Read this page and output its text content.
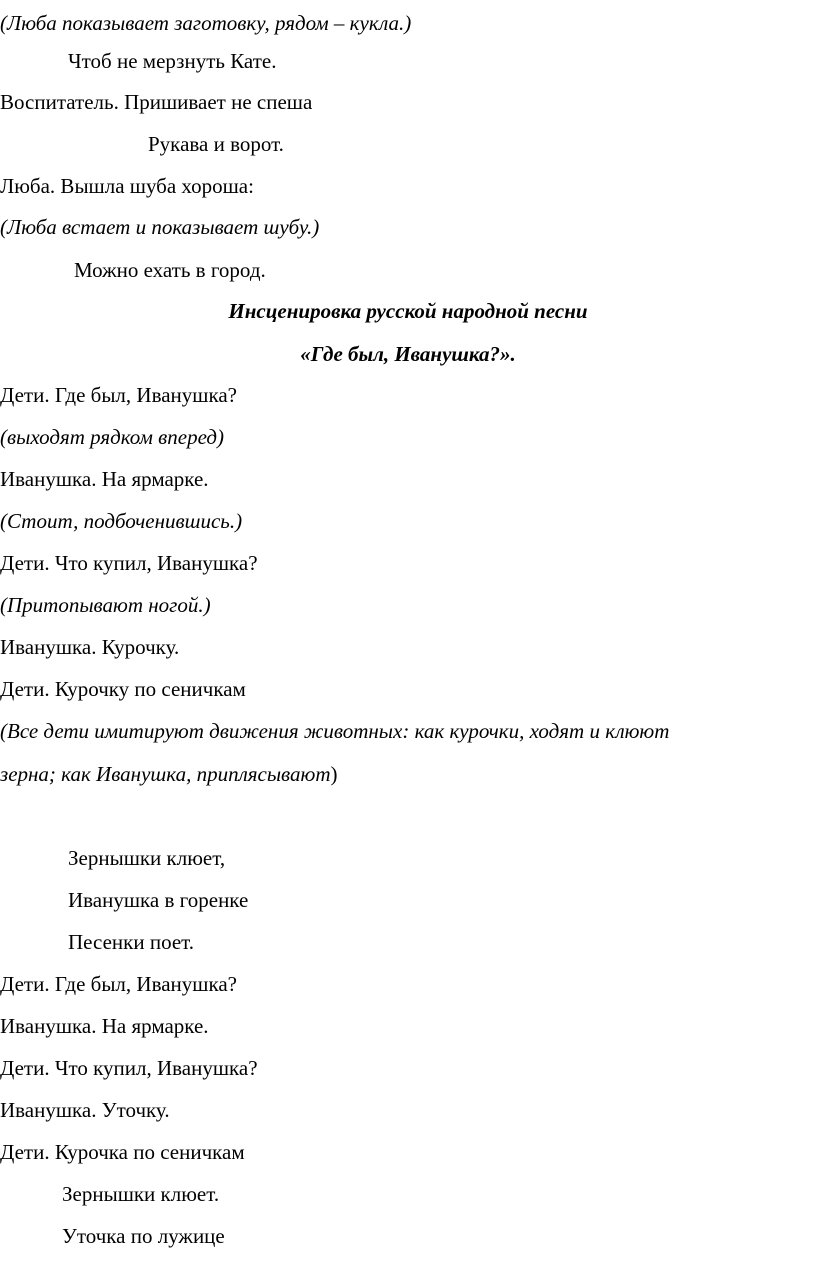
(Люба показывает заготовку, рядом – кукла.)
Чтоб не мерзнуть Кате.
Воспитатель. Пришивает не спеша
Рукава и ворот.
Люба. Вышла шуба хороша:
(Люба встает и показывает шубу.)
Можно ехать в город.
Инсценировка русской народной песни
«Где был, Иванушка?».
Дети. Где был, Иванушка?
(выходят рядком вперед)
Иванушка. На ярмарке.
(Стоит, подбоченившись.)
Дети. Что купил, Иванушка?
(Притопывают ногой.)
Иванушка. Курочку.
Дети. Курочку по сеничкам
(Все дети имитируют движения животных: как курочки, ходят и клюют
зерна; как Иванушка, приплясывают)
Зернышки клюет,
Иванушка в горенке
Песенки поет.
Дети. Где был, Иванушка?
Иванушка. На ярмарке.
Дети. Что купил, Иванушка?
Иванушка. Уточку.
Дети. Курочка по сеничкам
Зернышки клюет.
Уточка по лужице
